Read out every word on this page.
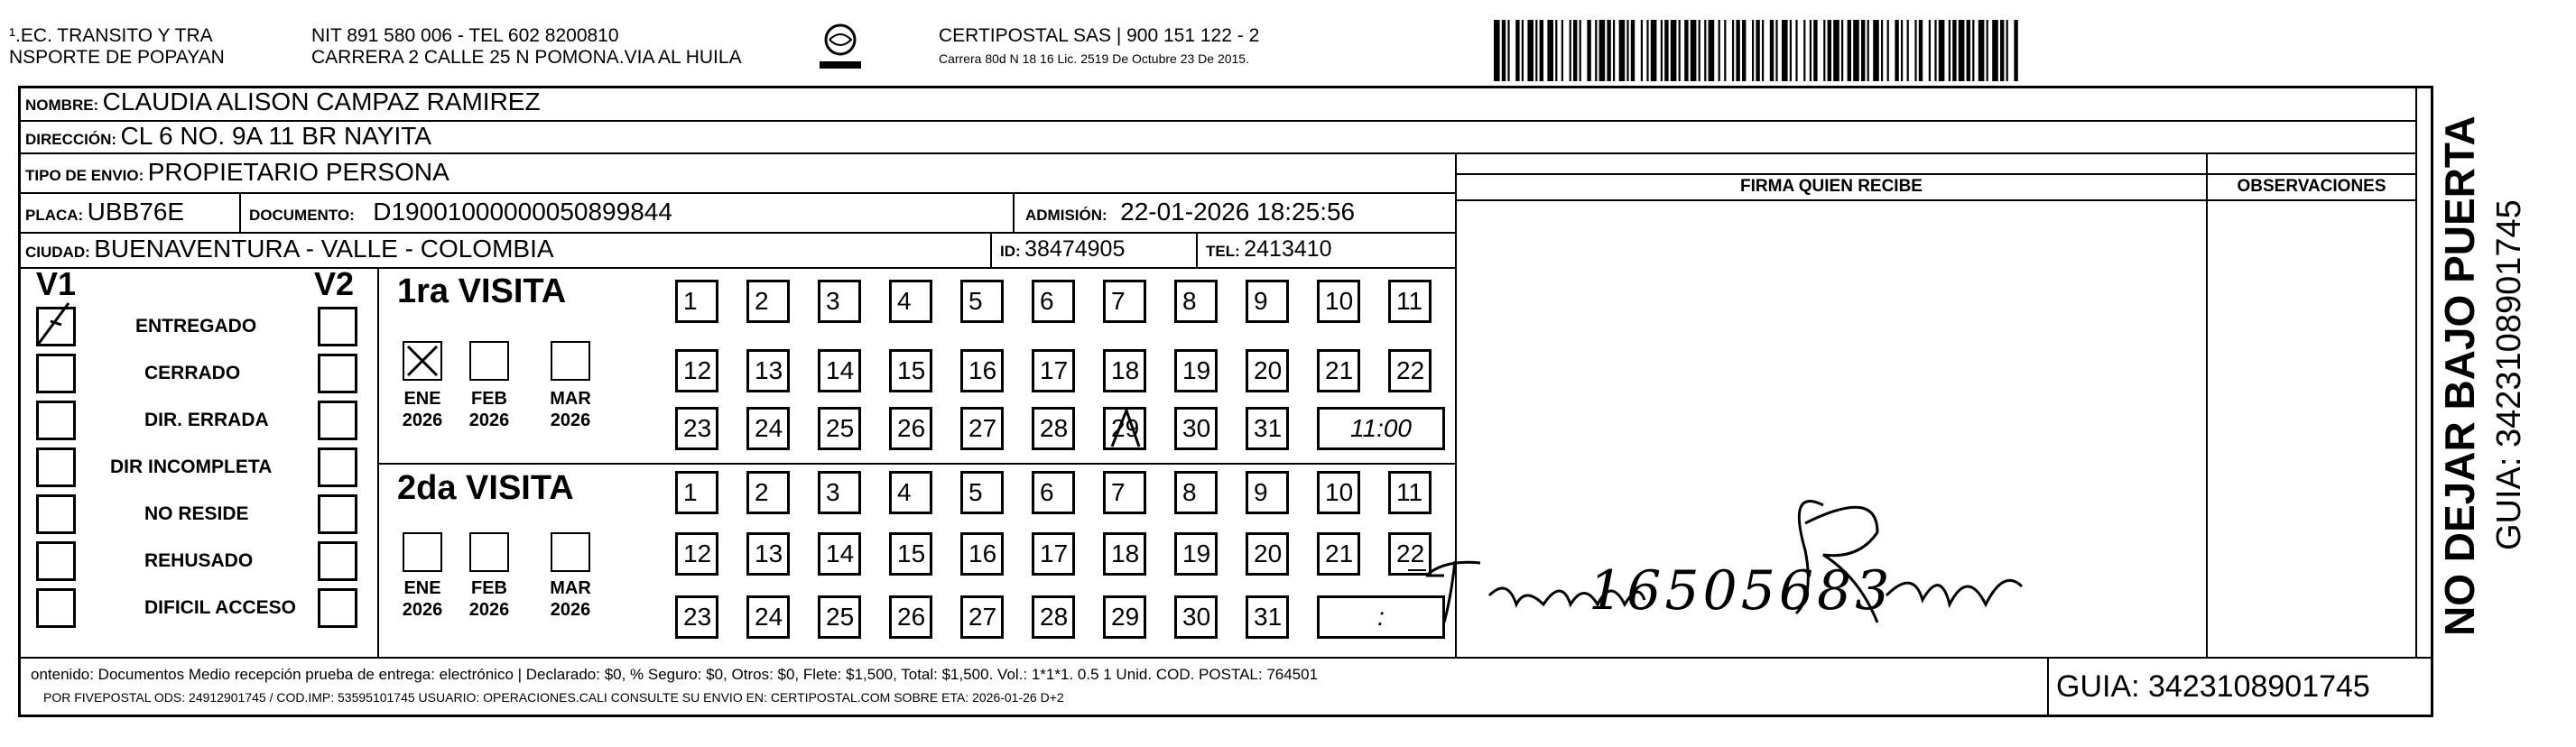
¹.EC. TRANSITO Y TRA
NSPORTE DE POPAYAN
NIT 891 580 006 - TEL 602 8200810
CARRERA 2 CALLE 25 N POMONA.VIA AL HUILA
CERTIPOSTAL SAS | 900 151 122 - 2
Carrera 80d N 18 16 Lic. 2519 De Octubre 23 De 2015.
NOMBRE: CLAUDIA ALISON CAMPAZ RAMIREZ
DIRECCIÓN: CL 6 NO. 9A 11 BR NAYITA
TIPO DE ENVIO: PROPIETARIO PERSONA
PLACA: UBB76E	DOCUMENTO: D19001000000050899844	ADMISIÓN: 22-01-2026 18:25:56
CIUDAD: BUENAVENTURA - VALLE - COLOMBIA	ID: 38474905	TEL: 2413410
FIRMA QUIEN RECIBE	OBSERVACIONES
V1	V2
ENTREGADO
CERRADO
DIR. ERRADA
DIR INCOMPLETA
NO RESIDE
REHUSADO
DIFICIL ACCESO
1ra VISITA
2da VISITA
ENE
2026
FEB
2026
MAR
2026
ENE
2026
FEB
2026
MAR
2026
1	2	3	4	5	6	7	8	9	10	11
12	13	14	15	16	17	18	19	20	21	22
23	24	25	26	27	28	29	30	31	11:00
1	2	3	4	5	6	7	8	9	10	11
12	13	14	15	16	17	18	19	20	21	22
23	24	25	26	27	28	29	30	31	:	16505683	NO DEJAR BAJO PUERTA GUIA: 3423108901745
ontenido: Documentos Medio recepción prueba de entrega: electrónico | Declarado: $0, % Seguro: $0, Otros: $0, Flete: $1,500, Total: $1,500. Vol.: 1*1*1. 0.5 1 Unid. COD. POSTAL: 764501
POR FIVEPOSTAL ODS: 24912901745 / COD.IMP: 53595101745 USUARIO: OPERACIONES.CALI CONSULTE SU ENVIO EN: CERTIPOSTAL.COM SOBRE ETA: 2026-01-26 D+2	GUIA: 3423108901745
